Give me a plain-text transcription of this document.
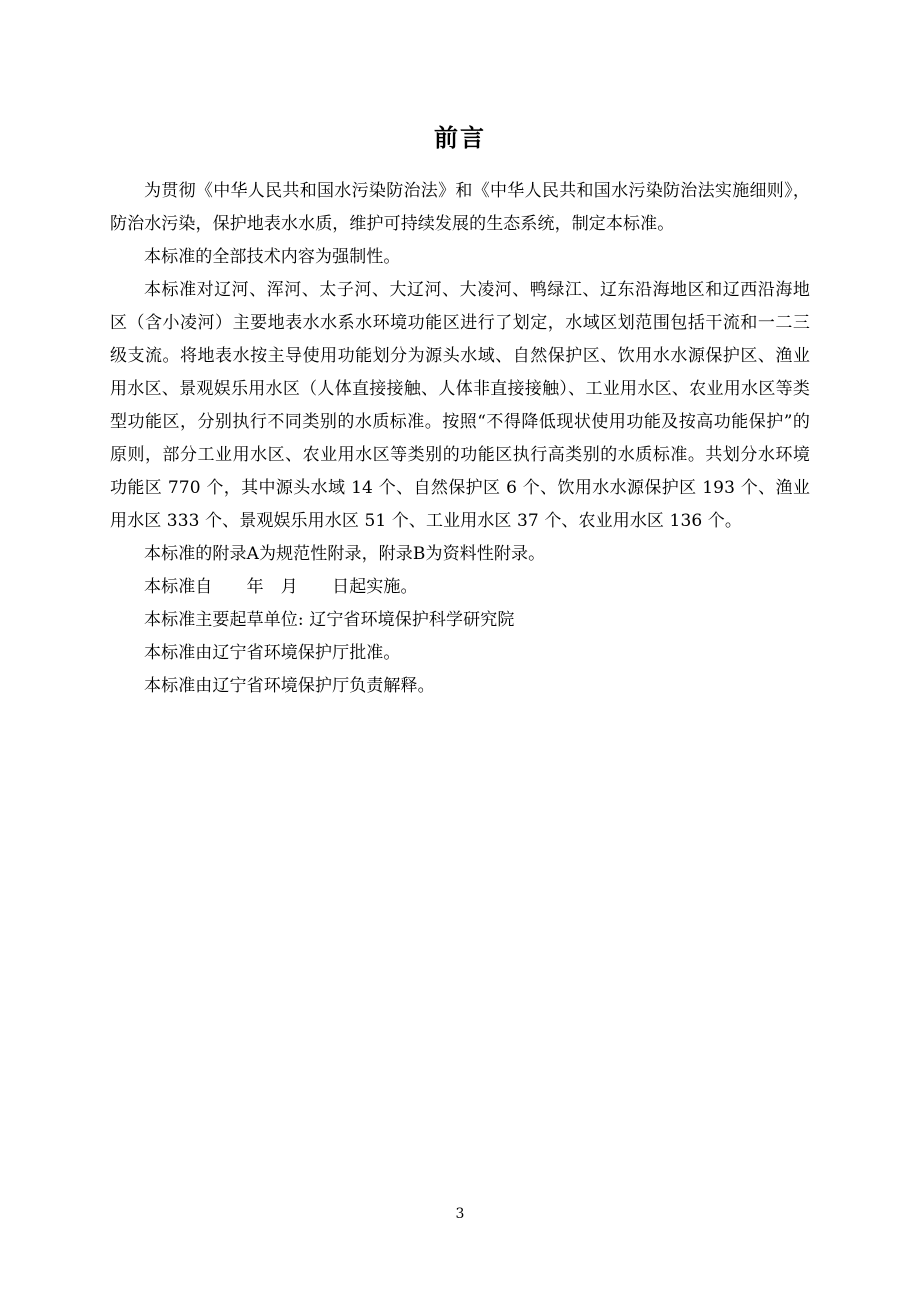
前言

为贯彻《中华人民共和国水污染防治法》和《中华人民共和国水污染防治法实施细则》，防治水污染，保护地表水水质，维护可持续发展的生态系统，制定本标准。

本标准的全部技术内容为强制性。

本标准对辽河、浑河、太子河、大辽河、大凌河、鸭绿江、辽东沿海地区和辽西沿海地区（含小凌河）主要地表水水系水环境功能区进行了划定，水域区划范围包括干流和一二三级支流。将地表水按主导使用功能划分为源头水域、自然保护区、饮用水水源保护区、渔业用水区、景观娱乐用水区（人体直接接触、人体非直接接触）、工业用水区、农业用水区等类型功能区，分别执行不同类别的水质标准。按照“不得降低现状使用功能及按高功能保护”的原则，部分工业用水区、农业用水区等类别的功能区执行高类别的水质标准。共划分水环境功能区 770 个，其中源头水域 14 个、自然保护区 6 个、饮用水水源保护区 193 个、渔业用水区 333 个、景观娱乐用水区 51 个、工业用水区 37 个、农业用水区 136 个。

本标准的附录A为规范性附录，附录B为资料性附录。

本标准自　　年　月　　日起实施。

本标准主要起草单位: 辽宁省环境保护科学研究院

本标准由辽宁省环境保护厅批准。

本标准由辽宁省环境保护厅负责解释。

3
